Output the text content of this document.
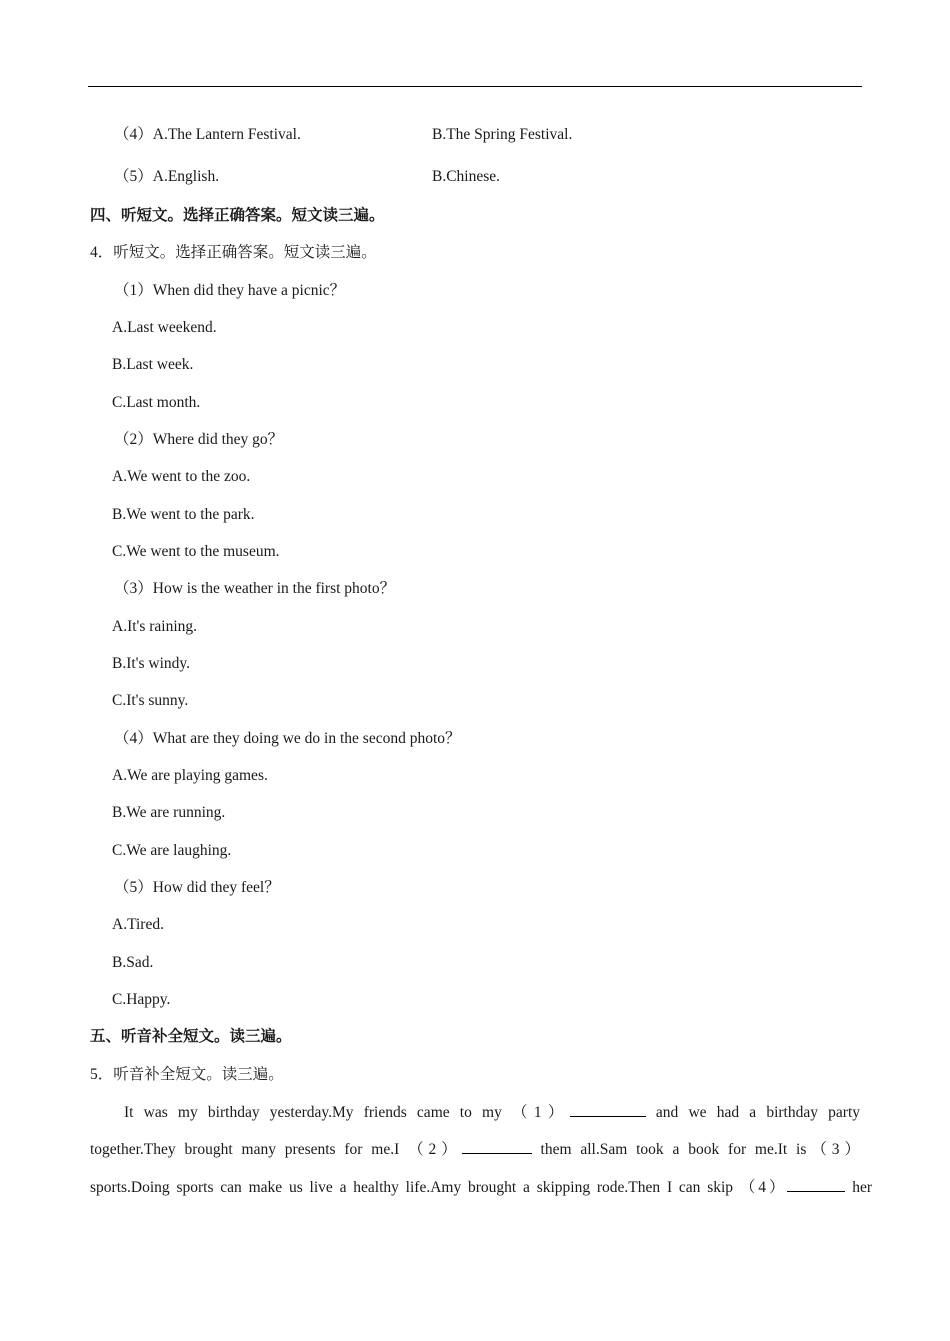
（4）A.The Lantern Festival.	B.The Spring Festival.
（5）A.English.	B.Chinese.
四、听短文。选择正确答案。短文读三遍。
4．听短文。选择正确答案。短文读三遍。
（1）When did they have a picnic？
A.Last weekend.
B.Last week.
C.Last month.
（2）Where did they go？
A.We went to the zoo.
B.We went to the park.
C.We went to the museum.
（3）How is the weather in the first photo？
A.It's raining.
B.It's windy.
C.It's sunny.
（4）What are they doing we do in the second photo？
A.We are playing games.
B.We are running.
C.We are laughing.
（5）How did they feel？
A.Tired.
B.Sad.
C.Happy.
五、听音补全短文。读三遍。
5．听音补全短文。读三遍。
It was my birthday yesterday.My friends came to my （1）	and we had a birthday party
together.They brought many presents for me.I （2）	them all.Sam took a book for me.It is（3）
sports.Doing sports can make us live a healthy life.Amy brought a skipping rode.Then I can skip （4）	her
